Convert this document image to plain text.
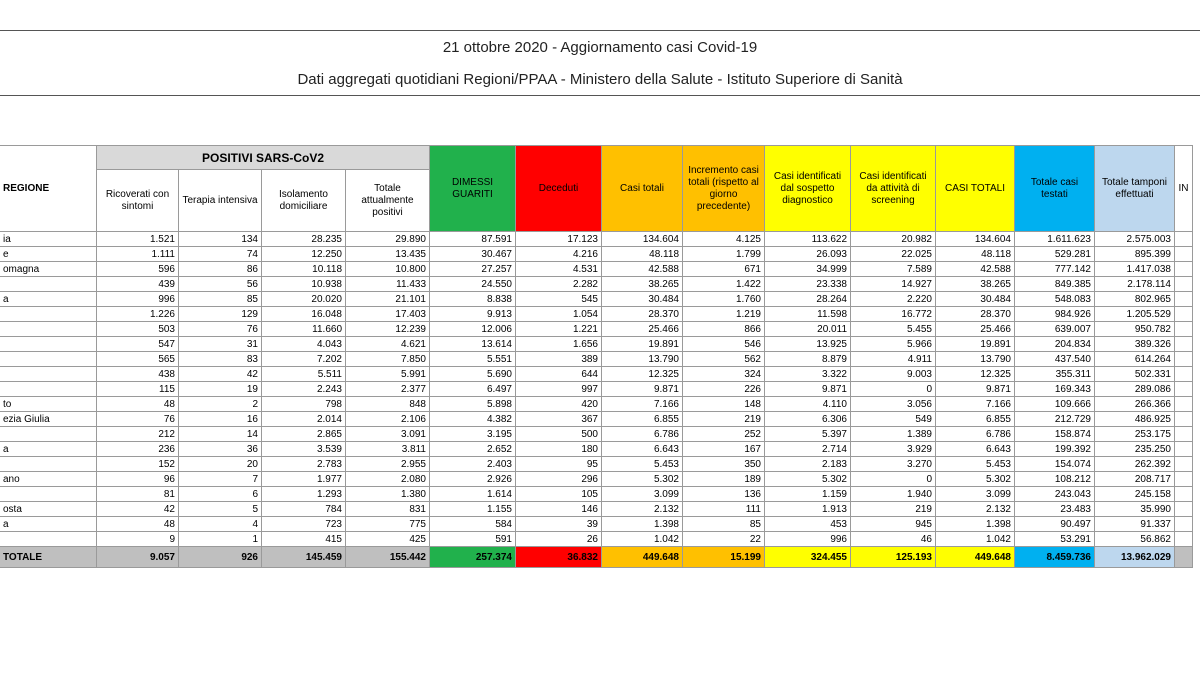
21 ottobre 2020 - Aggiornamento casi Covid-19
Dati aggregati quotidiani Regioni/PPAA - Ministero della Salute - Istituto Superiore di Sanità
REGIONE	POSITIVI SARS-CoV2				DIMESSI GUARITI	Deceduti	Casi totali	Incremento casi totali (rispetto al giorno precedente)	Casi identificati dal sospetto diagnostico	Casi identificati da attività di screening	CASI TOTALI	Totale casi testati	Totale tamponi effettuati	IN
	Ricoverati con sintomi	Terapia intensiva	Isolamento domiciliare	Totale attualmente positivi										
ia	1.521	134	28.235	29.890	87.591	17.123	134.604	4.125	113.622	20.982	134.604	1.611.623	2.575.003	
e	1.111	74	12.250	13.435	30.467	4.216	48.118	1.799	26.093	22.025	48.118	529.281	895.399	
omagna	596	86	10.118	10.800	27.257	4.531	42.588	671	34.999	7.589	42.588	777.142	1.417.038	
	439	56	10.938	11.433	24.550	2.282	38.265	1.422	23.338	14.927	38.265	849.385	2.178.114	
a	996	85	20.020	21.101	8.838	545	30.484	1.760	28.264	2.220	30.484	548.083	802.965	
	1.226	129	16.048	17.403	9.913	1.054	28.370	1.219	11.598	16.772	28.370	984.926	1.205.529	
	503	76	11.660	12.239	12.006	1.221	25.466	866	20.011	5.455	25.466	639.007	950.782	
	547	31	4.043	4.621	13.614	1.656	19.891	546	13.925	5.966	19.891	204.834	389.326	
	565	83	7.202	7.850	5.551	389	13.790	562	8.879	4.911	13.790	437.540	614.264	
	438	42	5.511	5.991	5.690	644	12.325	324	3.322	9.003	12.325	355.311	502.331	
	115	19	2.243	2.377	6.497	997	9.871	226	9.871	0	9.871	169.343	289.086	
to	48	2	798	848	5.898	420	7.166	148	4.110	3.056	7.166	109.666	266.366	
ezia Giulia	76	16	2.014	2.106	4.382	367	6.855	219	6.306	549	6.855	212.729	486.925	
	212	14	2.865	3.091	3.195	500	6.786	252	5.397	1.389	6.786	158.874	253.175	
a	236	36	3.539	3.811	2.652	180	6.643	167	2.714	3.929	6.643	199.392	235.250	
	152	20	2.783	2.955	2.403	95	5.453	350	2.183	3.270	5.453	154.074	262.392	
ano	96	7	1.977	2.080	2.926	296	5.302	189	5.302	0	5.302	108.212	208.717	
	81	6	1.293	1.380	1.614	105	3.099	136	1.159	1.940	3.099	243.043	245.158	
osta	42	5	784	831	1.155	146	2.132	111	1.913	219	2.132	23.483	35.990	
a	48	4	723	775	584	39	1.398	85	453	945	1.398	90.497	91.337	
	9	1	415	425	591	26	1.042	22	996	46	1.042	53.291	56.862	
TOTALE	9.057	926	145.459	155.442	257.374	36.832	449.648	15.199	324.455	125.193	449.648	8.459.736	13.962.029	
